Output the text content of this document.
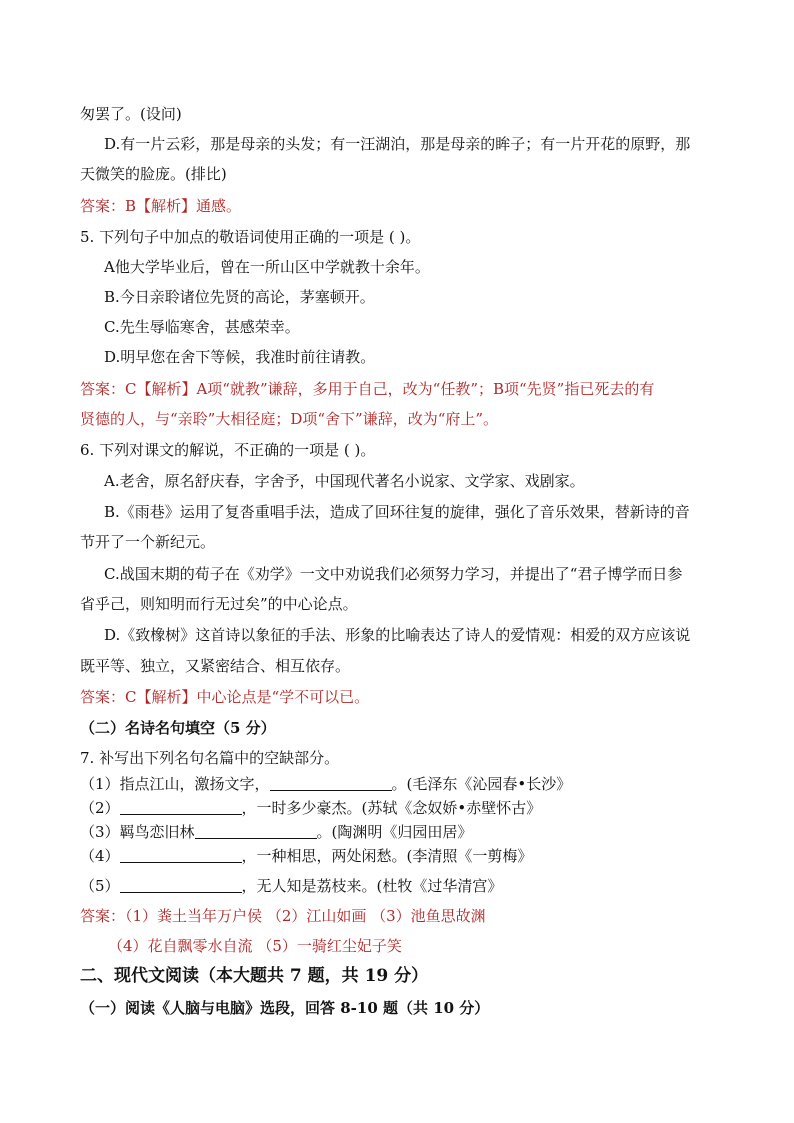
匆罢了。(设问)
D.有一片云彩，那是母亲的头发；有一汪湖泊，那是母亲的眸子；有一片开花的原野，那
天微笑的脸庞。(排比)
答案：B【解析】通感。
5. 下列句子中加点的敬语词使用正确的一项是 ( )。
A他大学毕业后，曾在一所山区中学就教十余年。
B.今日亲聆诸位先贤的高论，茅塞顿开。
C.先生辱临寒舍，甚感荣幸。
D.明早您在舍下等候，我准时前往请教。
答案：C【解析】A项“就教”谦辞，多用于自己，改为“任教”；B项“先贤”指已死去的有
贤德的人，与“亲聆”大相径庭；D项“舍下”谦辞，改为“府上”。
6. 下列对课文的解说，不正确的一项是 ( )。
A.老舍，原名舒庆春，字舍予，中国现代著名小说家、文学家、戏剧家。
B.《雨巷》运用了复沓重唱手法，造成了回环往复的旋律，强化了音乐效果，替新诗的音
节开了一个新纪元。
C.战国末期的荀子在《劝学》一文中劝说我们必须努力学习，并提出了“君子博学而日参
省乎己，则知明而行无过矣”的中心论点。
D.《致橡树》这首诗以象征的手法、形象的比喻表达了诗人的爱情观：相爱的双方应该说
既平等、独立，又紧密结合、相互依存。
答案：C【解析】中心论点是“学不可以已。
（二）名诗名句填空（5 分）
7. 补写出下列名句名篇中的空缺部分。
（1）指点江山，激扬文字，	。(毛泽东《沁园春•长沙》
（2）	，一时多少豪杰。(苏轼《念奴娇•赤壁怀古》
（3）羁鸟恋旧林	。(陶渊明《归园田居》
（4）	，一种相思，两处闲愁。(李清照《一剪梅》
（5）	，无人知是荔枝来。(杜牧《过华清宫》
答案：（1）粪土当年万户侯 （2）江山如画 （3）池鱼思故渊
（4）花自飘零水自流 （5）一骑红尘妃子笑
二、现代文阅读（本大题共 7 题，共 19 分）
（一）阅读《人脑与电脑》选段，回答 8-10 题（共 10 分）
